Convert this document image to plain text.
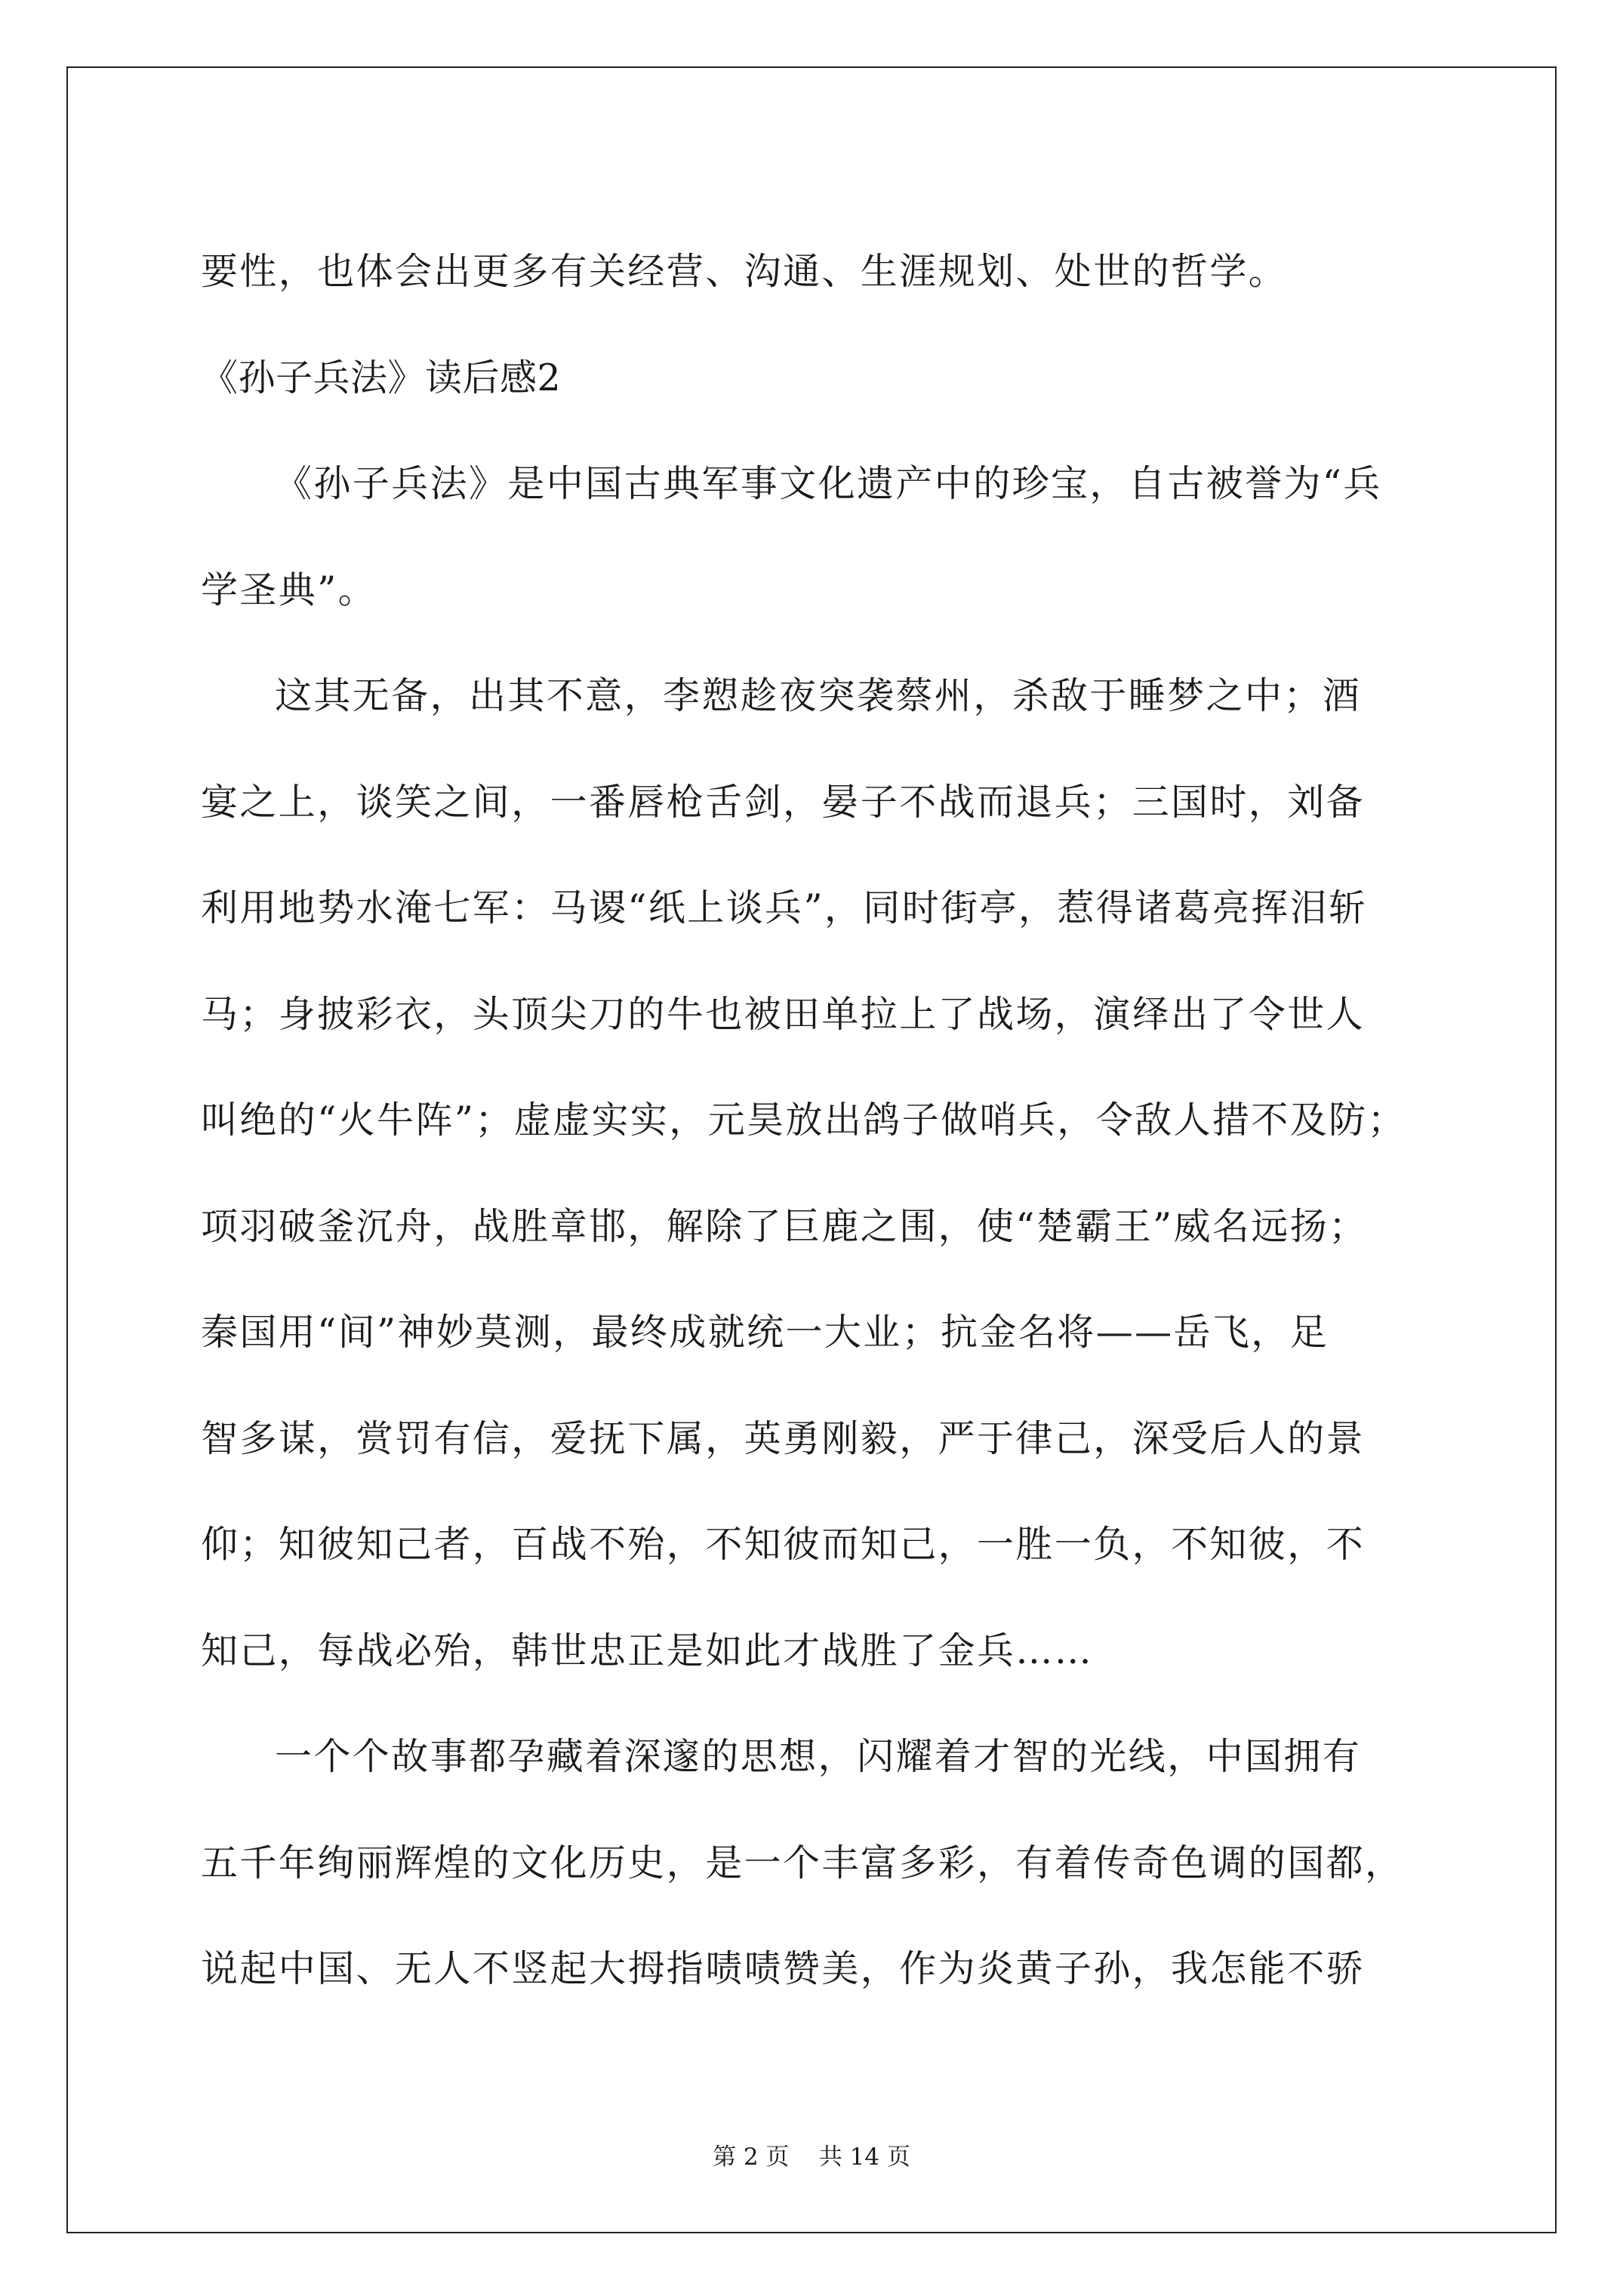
要性，也体会出更多有关经营、沟通、生涯规划、处世的哲学。
《孙子兵法》读后感2
《孙子兵法》是中国古典军事文化遗产中的珍宝，自古被誉为“兵
学圣典”。
这其无备，出其不意，李愬趁夜突袭蔡州，杀敌于睡梦之中；酒
宴之上，谈笑之间，一番唇枪舌剑，晏子不战而退兵；三国时，刘备
利用地势水淹七军：马谡“纸上谈兵”，同时街亭，惹得诸葛亮挥泪斩
马；身披彩衣，头顶尖刀的牛也被田单拉上了战场，演绎出了令世人
叫绝的“火牛阵”；虚虚实实，元昊放出鸽子做哨兵，令敌人措不及防；
项羽破釜沉舟，战胜章邯，解除了巨鹿之围，使“楚霸王”威名远扬；
秦国用“间”神妙莫测，最终成就统一大业；抗金名将——岳飞，足
智多谋，赏罚有信，爱抚下属，英勇刚毅，严于律己，深受后人的景
仰；知彼知己者，百战不殆，不知彼而知己，一胜一负，不知彼，不
知己，每战必殆，韩世忠正是如此才战胜了金兵……
一个个故事都孕藏着深邃的思想，闪耀着才智的光线，中国拥有
五千年绚丽辉煌的文化历史，是一个丰富多彩，有着传奇色调的国都，
说起中国、无人不竖起大拇指啧啧赞美，作为炎黄子孙，我怎能不骄
第 2 页    共 14 页
